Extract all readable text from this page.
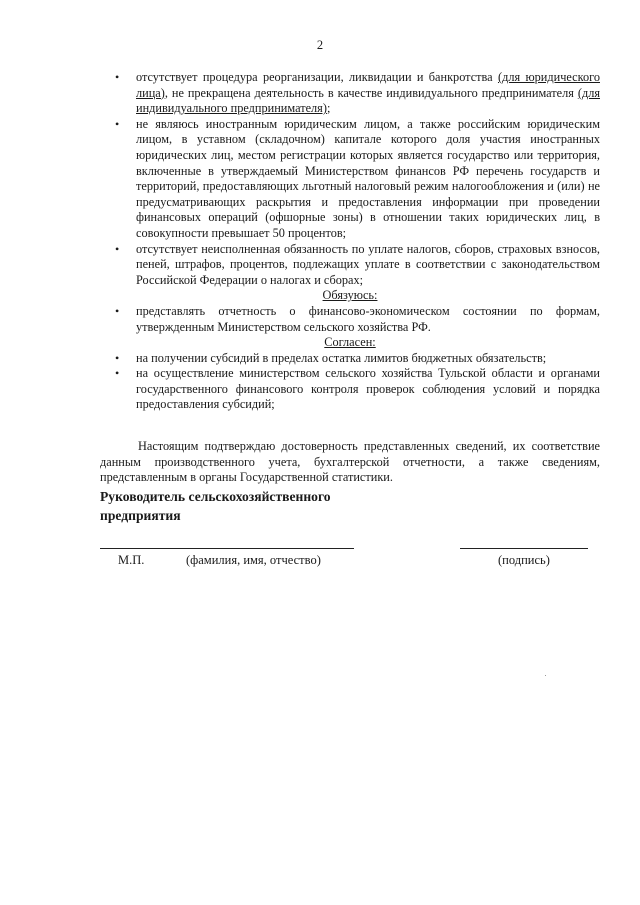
2
• отсутствует процедура реорганизации, ликвидации и банкротства (для юридического лица), не прекращена деятельность в качестве индивидуального предпринимателя (для индивидуального предпринимателя);
• не являюсь иностранным юридическим лицом, а также российским юридическим лицом, в уставном (складочном) капитале которого доля участия иностранных юридических лиц, местом регистрации которых является государство или территория, включенные в утверждаемый Министерством финансов РФ перечень государств и территорий, предоставляющих льготный налоговый режим налогообложения и (или) не предусматривающих раскрытия и предоставления информации при проведении финансовых операций (офшорные зоны) в отношении таких юридических лиц, в совокупности превышает 50 процентов;
• отсутствует неисполненная обязанность по уплате налогов, сборов, страховых взносов, пеней, штрафов, процентов, подлежащих уплате в соответствии с законодательством Российской Федерации о налогах и сборах;
Обязуюсь:
• представлять отчетность о финансово-экономическом состоянии по формам, утвержденным Министерством сельского хозяйства РФ.
Согласен:
• на получении субсидий в пределах остатка лимитов бюджетных обязательств;
• на осуществление министерством сельского хозяйства Тульской области и органами государственного финансового контроля проверок соблюдения условий и порядка предоставления субсидий;
Настоящим подтверждаю достоверность представленных сведений, их соответствие данным производственного учета, бухгалтерской отчетности, а также сведениям, представленным в органы Государственной статистики.
Руководитель сельскохозяйственного
предприятия
М.П.	(фамилия, имя, отчество)	(подпись)
